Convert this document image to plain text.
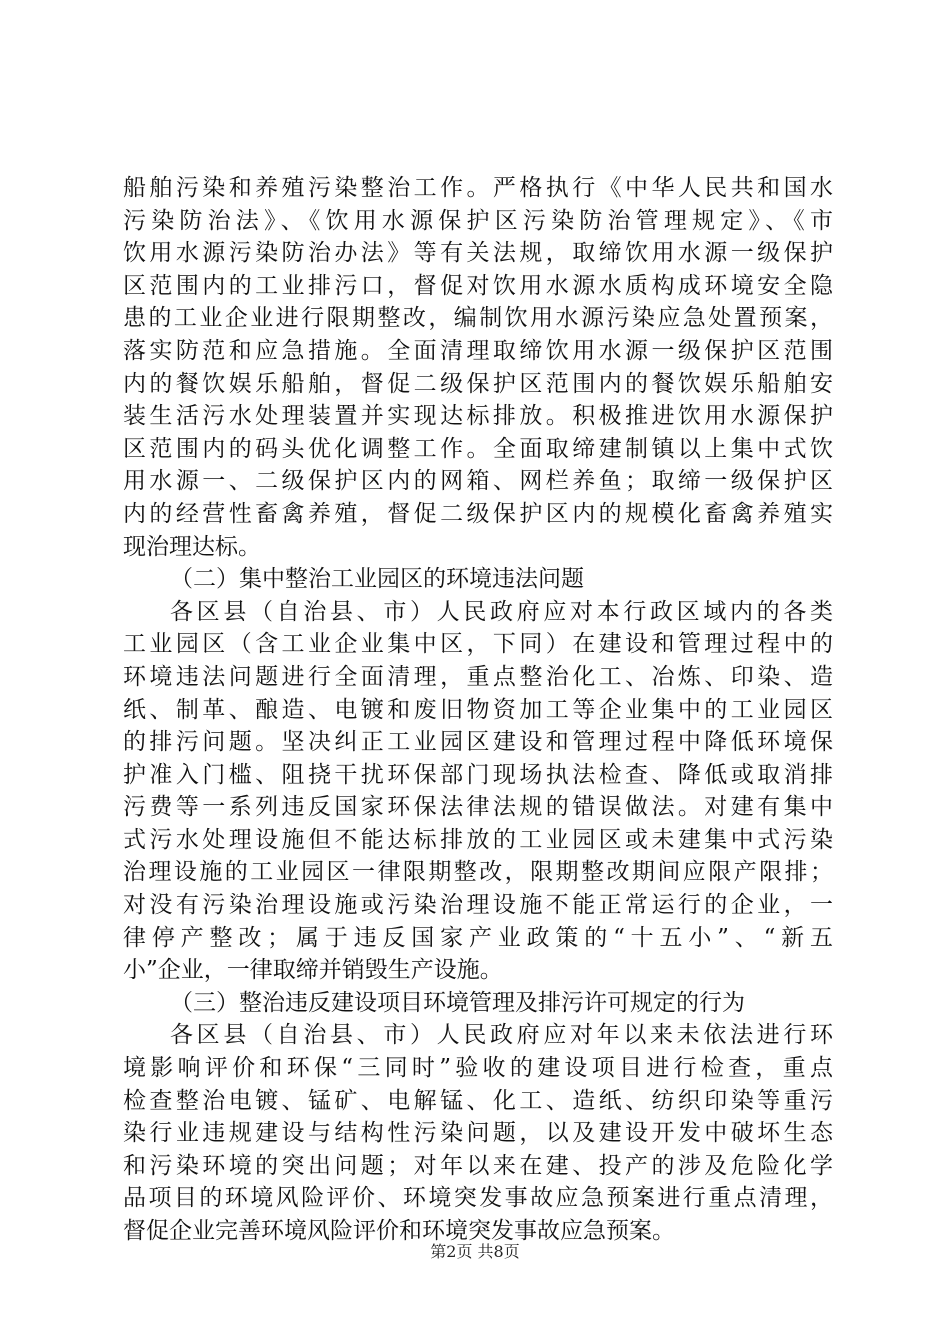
船舶污染和养殖污染整治工作。严格执行《中华人民共和国水
污染防治法》、《饮用水源保护区污染防治管理规定》、《市
饮用水源污染防治办法》等有关法规，取缔饮用水源一级保护
区范围内的工业排污口，督促对饮用水源水质构成环境安全隐
患的工业企业进行限期整改，编制饮用水源污染应急处置预案，
落实防范和应急措施。全面清理取缔饮用水源一级保护区范围
内的餐饮娱乐船舶，督促二级保护区范围内的餐饮娱乐船舶安
装生活污水处理装置并实现达标排放。积极推进饮用水源保护
区范围内的码头优化调整工作。全面取缔建制镇以上集中式饮
用水源一、二级保护区内的网箱、网栏养鱼；取缔一级保护区
内的经营性畜禽养殖，督促二级保护区内的规模化畜禽养殖实
现治理达标。
（二）集中整治工业园区的环境违法问题
各区县（自治县、市）人民政府应对本行政区域内的各类
工业园区（含工业企业集中区，下同）在建设和管理过程中的
环境违法问题进行全面清理，重点整治化工、冶炼、印染、造
纸、制革、酿造、电镀和废旧物资加工等企业集中的工业园区
的排污问题。坚决纠正工业园区建设和管理过程中降低环境保
护准入门槛、阻挠干扰环保部门现场执法检查、降低或取消排
污费等一系列违反国家环保法律法规的错误做法。对建有集中
式污水处理设施但不能达标排放的工业园区或未建集中式污染
治理设施的工业园区一律限期整改，限期整改期间应限产限排；
对没有污染治理设施或污染治理设施不能正常运行的企业，一
律停产整改；属于违反国家产业政策的“十五小”、“新五
小”企业，一律取缔并销毁生产设施。
（三）整治违反建设项目环境管理及排污许可规定的行为
各区县（自治县、市）人民政府应对年以来未依法进行环
境影响评价和环保“三同时”验收的建设项目进行检查，重点
检查整治电镀、锰矿、电解锰、化工、造纸、纺织印染等重污
染行业违规建设与结构性污染问题，以及建设开发中破坏生态
和污染环境的突出问题；对年以来在建、投产的涉及危险化学
品项目的环境风险评价、环境突发事故应急预案进行重点清理，
督促企业完善环境风险评价和环境突发事故应急预案。
第2页 共8页
